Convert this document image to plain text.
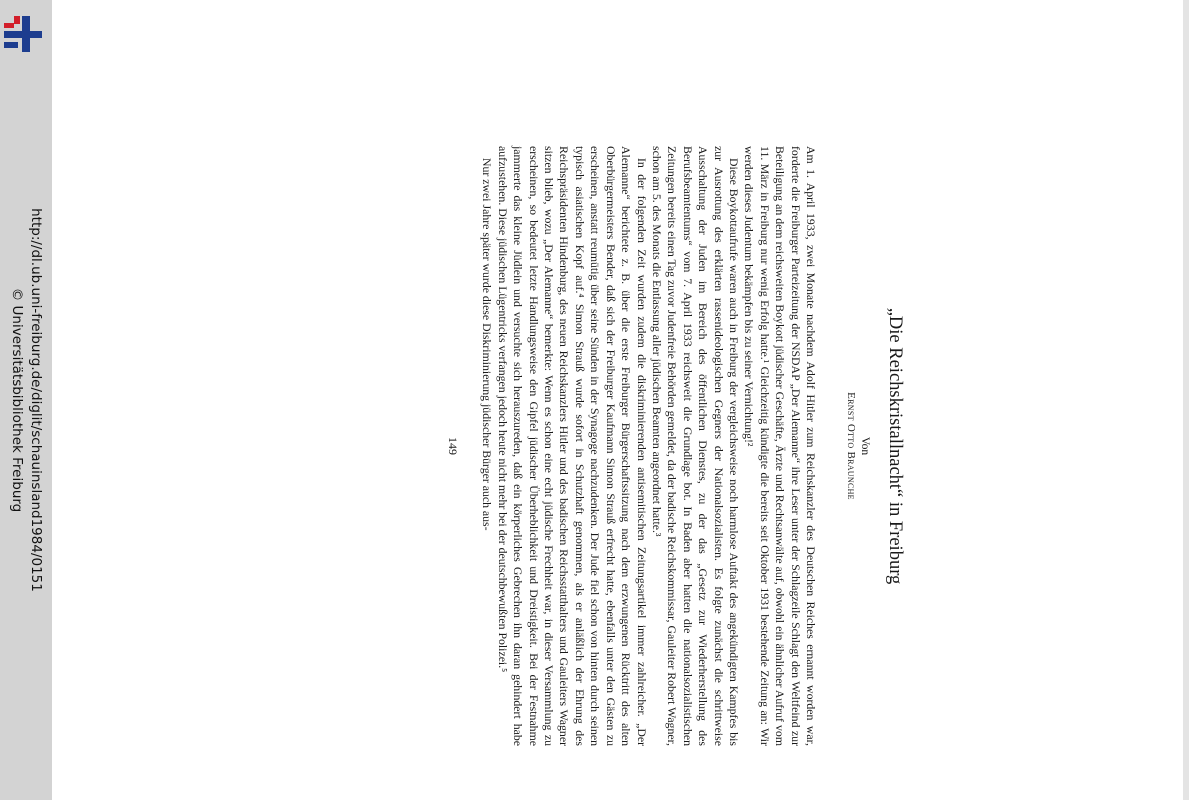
http://dl.ub.uni-freiburg.de/diglit/schauinsland1984/0151
© Universitätsbibliothek Freiburg	„Die Reichskristallnacht“ in Freiburg
Von
Ernst Otto Braunche

Am 1. April 1933, zwei Monate nachdem Adolf Hitler zum Reichskanzler des Deutschen Reiches ernannt worden war, forderte die Freiburger Parteizeitung der NSDAP „Der Alemanne“ ihre Leser unter der Schlagzeile Schlagt den Weltfeind zur Beteiligung an dem reichsweiten Boykott jüdischer Geschäfte, Ärzte und Rechtsanwälte auf, obwohl ein ähnlicher Aufruf vom 11. März in Freiburg nur wenig Erfolg hatte.¹ Gleichzeitig kündigte die bereits seit Oktober 1931 bestehende Zeitung an: Wir werden dieses Judentum bekämpfen bis zu seiner Vernichtung!²

Diese Boykottaufrufe waren auch in Freiburg der vergleichsweise noch harmlose Auftakt des angekündigten Kampfes bis zur Ausrottung des erklärten rassenideologischen Gegners der Nationalsozialisten. Es folgte zunächst die schrittweise Ausschaltung der Juden im Bereich des öffentlichen Dienstes, zu der das „Gesetz zur Wiederherstellung des Berufsbeamtentums“ vom 7. April 1933 reichsweit die Grundlage bot. In Baden aber hatten die nationalsozialistischen Zeitungen bereits einen Tag zuvor Judenfreie Behörden gemeldet, da der badische Reichskommissar, Gauleiter Robert Wagner, schon am 5. des Monats die Entlassung aller jüdischen Beamten angeordnet hatte.³

In der folgenden Zeit wurden zudem die diskriminierenden antisemitischen Zeitungsartikel immer zahlreicher. „Der Alemanne“ berichtete z. B. über die erste Freiburger Bürgerschaftssitzung nach dem erzwungenen Rücktritt des alten Oberbürgermeisters Bender, daß sich der Freiburger Kaufmann Simon Strauß erfrecht hatte, ebenfalls unter den Gästen zu erscheinen, anstatt reumütig über seine Sünden in der Synagoge nachzudenken. Der Jude fiel schon von hinten durch seinen typisch asiatischen Kopf auf.⁴ Simon Strauß wurde sofort in Schutzhaft genommen, als er anläßlich der Ehrung des Reichspräsidenten Hindenburg, des neuen Reichskanzlers Hitler und des badischen Reichsstatthalters und Gauleiters Wagner sitzen blieb, wozu „Der Alemanne“ bemerkte: Wenn es schon eine echt jüdische Frechheit war, in dieser Versammlung zu erscheinen, so bedeutet letzte Handlungsweise den Gipfel jüdischer Überheblichkeit und Dreistigkeit. Bei der Festnahme jammerte das kleine Jüdlein und versuchte sich herauszureden, daß ein körperliches Gebrechen ihn daran gehindert habe aufzustehen. Diese jüdischen Lügentricks verfangen jedoch heute nicht mehr bei der deutschbewußten Polizei.⁵

Nur zwei Jahre später wurde diese Diskriminierung jüdischer Bürger auch aus-

149
